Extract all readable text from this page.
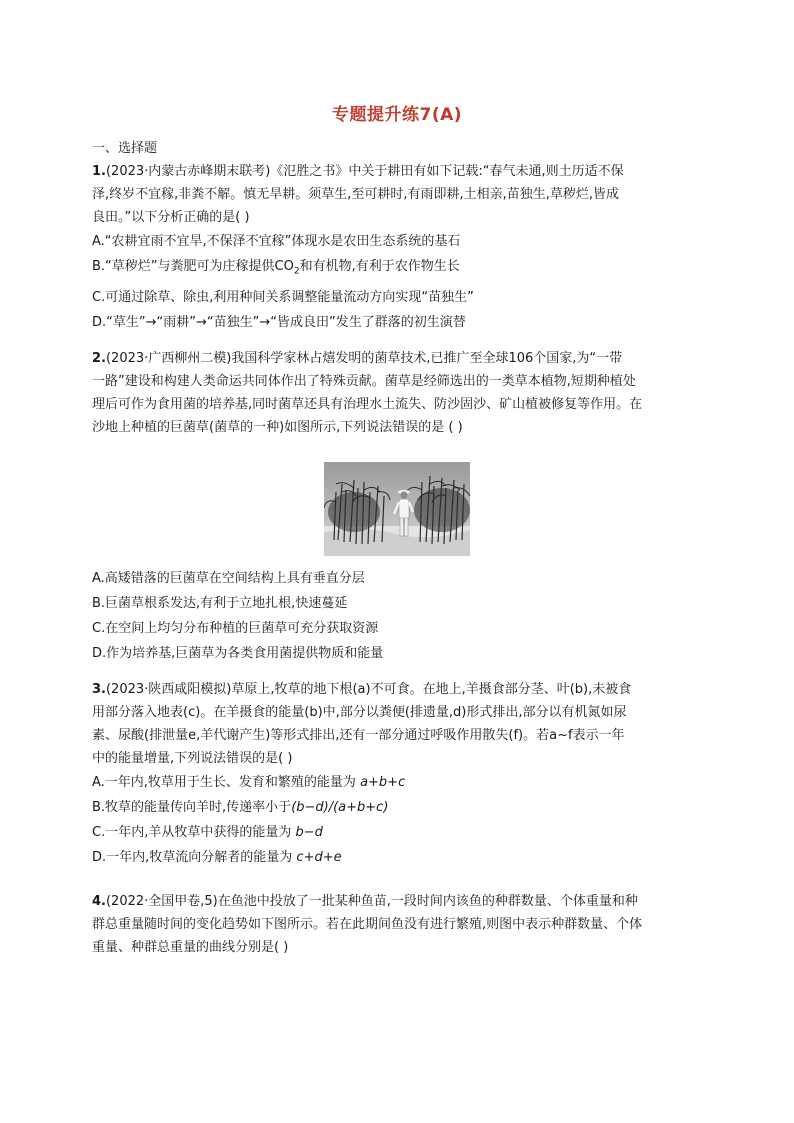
专题提升练7(A)
一、选择题

1.(2023·内蒙古赤峰期末联考)《氾胜之书》中关于耕田有如下记载:“春气未通,则土历适不保
泽,终岁不宜稼,非粪不解。慎无旱耕。须草生,至可耕时,有雨即耕,土相亲,苗独生,草秽烂,皆成
良田。”以下分析正确的是( )

A.“农耕宜雨不宜旱,不保泽不宜稼”体现水是农田生态系统的基石

B.“草秽烂”与粪肥可为庄稼提供$CO_2$和有机物,有利于农作物生长

C.可通过除草、除虫,利用种间关系调整能量流动方向实现“苗独生”

D.“草生”→“雨耕”→“苗独生”→“皆成良田”发生了群落的初生演替

2.(2023·广西柳州二模)我国科学家林占熺发明的菌草技术,已推广至全球106个国家,为“一带
一路”建设和构建人类命运共同体作出了特殊贡献。菌草是经筛选出的一类草本植物,短期种植处
理后可作为食用菌的培养基,同时菌草还具有治理水土流失、防沙固沙、矿山植被修复等作用。在
沙地上种植的巨菌草(菌草的一种)如图所示,下列说法错误的是 ( )

A.高矮错落的巨菌草在空间结构上具有垂直分层

B.巨菌草根系发达,有利于立地扎根,快速蔓延

C.在空间上均匀分布种植的巨菌草可充分获取资源

D.作为培养基,巨菌草为各类食用菌提供物质和能量

3.(2023·陕西咸阳模拟)草原上,牧草的地下根(a)不可食。在地上,羊摄食部分茎、叶(b),未被食
用部分落入地表(c)。在羊摄食的能量(b)中,部分以粪便(排遗量,d)形式排出,部分以有机氮如尿
素、尿酸(排泄量e,羊代谢产生)等形式排出,还有一部分通过呼吸作用散失(f)。若a~f表示一年
中的能量增量,下列说法错误的是( )

A.一年内,牧草用于生长、发育和繁殖的能量为 a+b+c

B.牧草的能量传向羊时,传递率小于(b−d)/(a+b+c)

C.一年内,羊从牧草中获得的能量为 b−d

D.一年内,牧草流向分解者的能量为 c+d+e

4.(2022·全国甲卷,5)在鱼池中投放了一批某种鱼苗,一段时间内该鱼的种群数量、个体重量和种
群总重量随时间的变化趋势如下图所示。若在此期间鱼没有进行繁殖,则图中表示种群数量、个体
重量、种群总重量的曲线分别是( )
